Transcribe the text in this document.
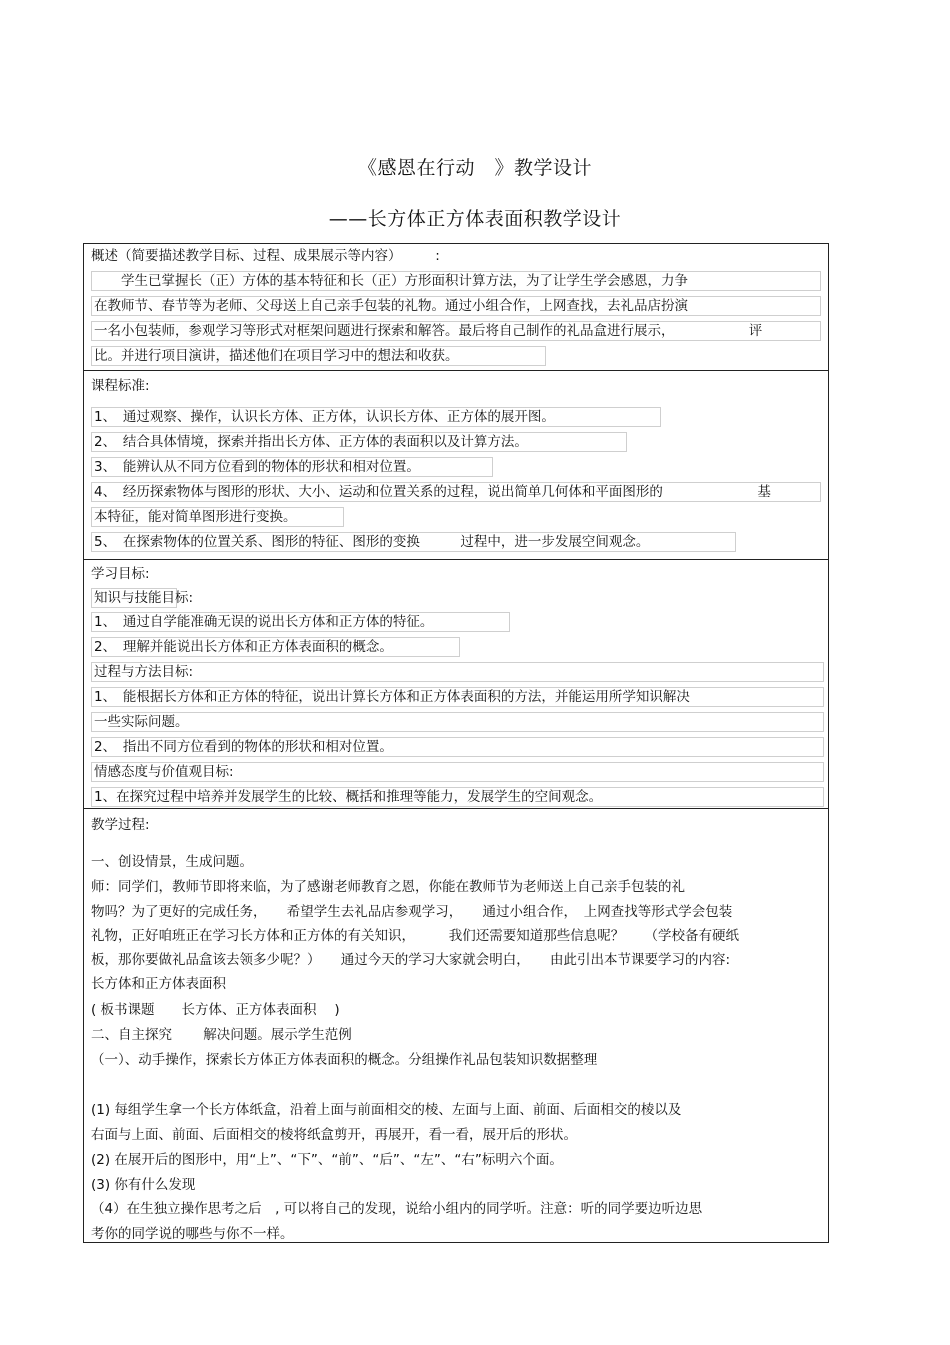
《感恩在行动　》教学设计
——长方体正方体表面积教学设计
概述（简要描述教学目标、过程、成果展示等内容）　　　:
　　学生已掌握长（正）方体的基本特征和长（正）方形面积计算方法，为了让学生学会感恩，力争
在教师节、春节等为老师、父母送上自己亲手包装的礼物。通过小组合作，上网查找，去礼品店扮演
一名小包装师，参观学习等形式对框架问题进行探索和解答。最后将自己制作的礼品盒进行展示，　　　　　　评
比。并进行项目演讲，描述他们在项目学习中的想法和收获。
课程标准:
1、　通过观察、操作，认识长方体、正方体，认识长方体、正方体的展开图。
2、　结合具体情境，探索并指出长方体、正方体的表面积以及计算方法。
3、　能辨认从不同方位看到的物体的形状和相对位置。
4、　经历探索物体与图形的形状、大小、运动和位置关系的过程，说出简单几何体和平面图形的　　　　　　　基
本特征，能对简单图形进行变换。
5、　在探索物体的位置关系、图形的特征、图形的变换　　　过程中，进一步发展空间观念。
学习目标:
知识与技能目标:
1、　通过自学能准确无误的说出长方体和正方体的特征。
2、　理解并能说出长方体和正方体表面积的概念。
过程与方法目标:
1、　能根据长方体和正方体的特征，说出计算长方体和正方体表面积的方法，并能运用所学知识解决
一些实际问题。
2、　指出不同方位看到的物体的形状和相对位置。
情感态度与价值观目标:
1、在探究过程中培养并发展学生的比较、概括和推理等能力，发展学生的空间观念。
教学过程:
一、创设情景，生成问题。
师：同学们，教师节即将来临，为了感谢老师教育之恩，你能在教师节为老师送上自己亲手包装的礼
物吗？为了更好的完成任务，　　希望学生去礼品店参观学习，　　通过小组合作，　上网查找等形式学会包装
礼物，正好咱班正在学习长方体和正方体的有关知识，　　　我们还需要知道那些信息呢？　　（学校备有硬纸
板，那你要做礼品盒该去领多少呢？）　　通过今天的学习大家就会明白，　　由此引出本节课要学习的内容:
长方体和正方体表面积
( 板书课题　　长方体、正方体表面积　 )
二、自主探究　　 解决问题。展示学生范例
（一）、动手操作，探索长方体正方体表面积的概念。分组操作礼品包装知识数据整理
(1) 每组学生拿一个长方体纸盒，沿着上面与前面相交的棱、左面与上面、前面、后面相交的棱以及
右面与上面、前面、后面相交的棱将纸盒剪开，再展开，看一看，展开后的形状。
(2) 在展开后的图形中，用“上”、“下”、“前”、“后”、“左”、“右”标明六个面。
(3) 你有什么发现
（4）在生独立操作思考之后　, 可以将自己的发现，说给小组内的同学听。注意：听的同学要边听边思
考你的同学说的哪些与你不一样。
